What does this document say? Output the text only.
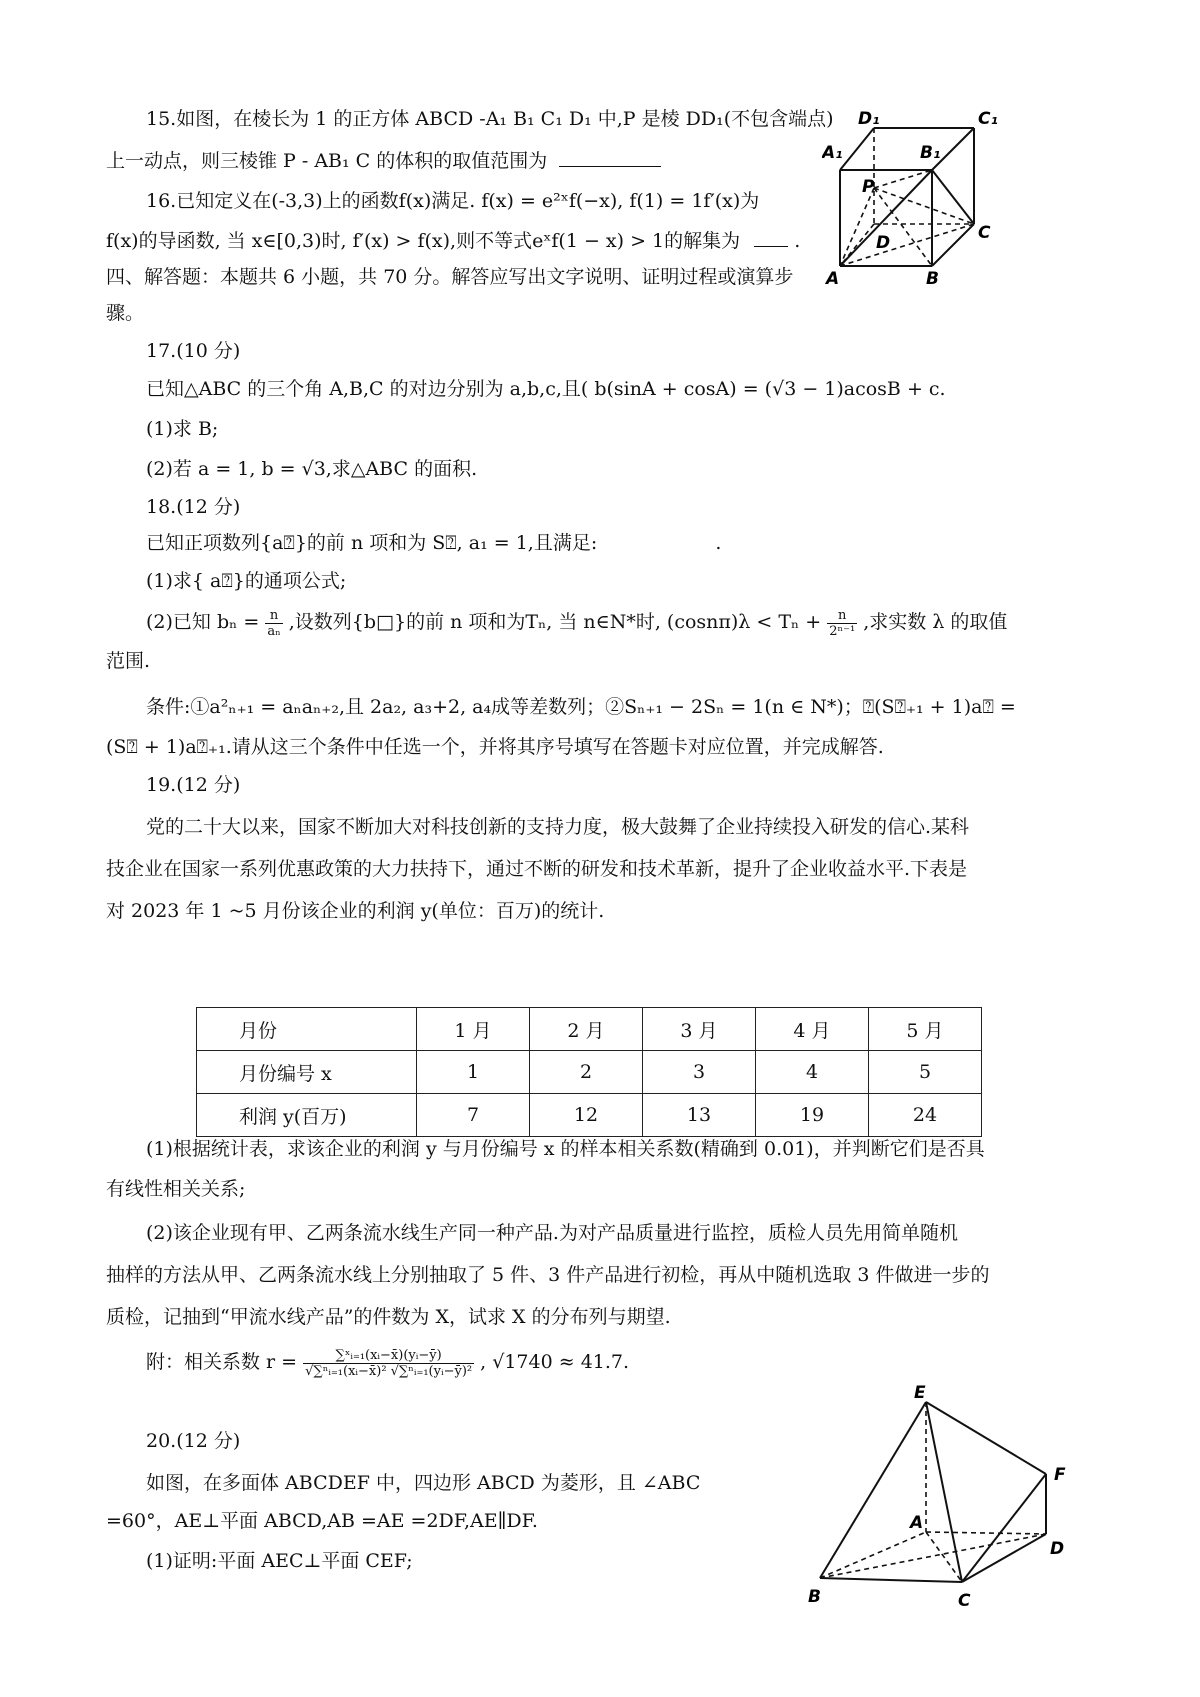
15.如图，在棱长为 1 的正方体 ABCD -A₁ B₁ C₁ D₁ 中,P 是棱 DD₁(不包含端点)
上一动点，则三棱锥 P - AB₁ C 的体积的取值范围为
16.已知定义在(-3,3)上的函数f(x)满足. f(x) = e²ˣf(−x), f(1) = 1f′(x)为
f(x)的导函数, 当 x∈[0,3)时, f′(x) > f(x),则不等式eˣf(1 − x) > 1的解集为	.
四、解答题：本题共 6 小题，共 70 分。解答应写出文字说明、证明过程或演算步
骤。
D₁	C₁
A₁	B₁
P
D	C
A	B
17.(10 分)
已知△ABC 的三个角 A,B,C 的对边分别为 a,b,c,且( b(sinA + cosA) = (√3 − 1)acosB + c.
(1)求 B;
(2)若 a = 1, b = √3,求△ABC 的面积.
18.(12 分)
已知正项数列{a⍰}的前 n 项和为 S⍰, a₁ = 1,且满足:	.
(1)求{ a⍰}的通项公式;
(2)已知 $b_n = \frac{n}{\text{aₙ}}$ ,设数列{b□}的前 n 项和为Tₙ, 当 n∈N*时, $(\cos n\pi)\lambda < T_n + \frac{n}{\text{2ⁿ⁻¹}}$ ,求实数 λ 的取值
范围.
条件:①a²ₙ₊₁ = aₙaₙ₊₂,且 2a₂, a₃+2, a₄成等差数列；②Sₙ₊₁ − 2Sₙ = 1(n ∈ N*)；⍰(S⍰₊₁ + 1)a⍰ =
(S⍰ + 1)a⍰₊₁.请从这三个条件中任选一个，并将其序号填写在答题卡对应位置，并完成解答.
19.(12 分)
党的二十大以来，国家不断加大对科技创新的支持力度，极大鼓舞了企业持续投入研发的信心.某科
技企业在国家一系列优惠政策的大力扶持下，通过不断的研发和技术革新，提升了企业收益水平.下表是
对 2023 年 1 ~5 月份该企业的利润 y(单位：百万)的统计.
月份	1 月	2 月	3 月	4 月	5 月
月份编号 x	1	2	3	4	5
利润 y(百万)	7	12	13	19	24
(1)根据统计表，求该企业的利润 y 与月份编号 x 的样本相关系数(精确到 0.01)，并判断它们是否具
有线性相关关系;
(2)该企业现有甲、乙两条流水线生产同一种产品.为对产品质量进行监控，质检人员先用简单随机
抽样的方法从甲、乙两条流水线上分别抽取了 5 件、3 件产品进行初检，再从中随机选取 3 件做进一步的
质检，记抽到“甲流水线产品”的件数为 X，试求 X 的分布列与期望.
附：相关系数 $r = \frac{\text{∑ˣᵢ₌₁(xᵢ−x̄)(yᵢ−ȳ)}}{\text{√∑ⁿᵢ₌₁(xᵢ−x̄)² √∑ⁿᵢ₌₁(yᵢ−ȳ)²}}$ , √1740 ≈ 41.7.
20.(12 分)
如图，在多面体 ABCDEF 中，四边形 ABCD 为菱形，且 ∠ABC
=60°，AE⊥平面 ABCD,AB =AE =2DF,AE∥DF.
(1)证明:平面 AEC⊥平面 CEF;
E
F
A
D
B	C
